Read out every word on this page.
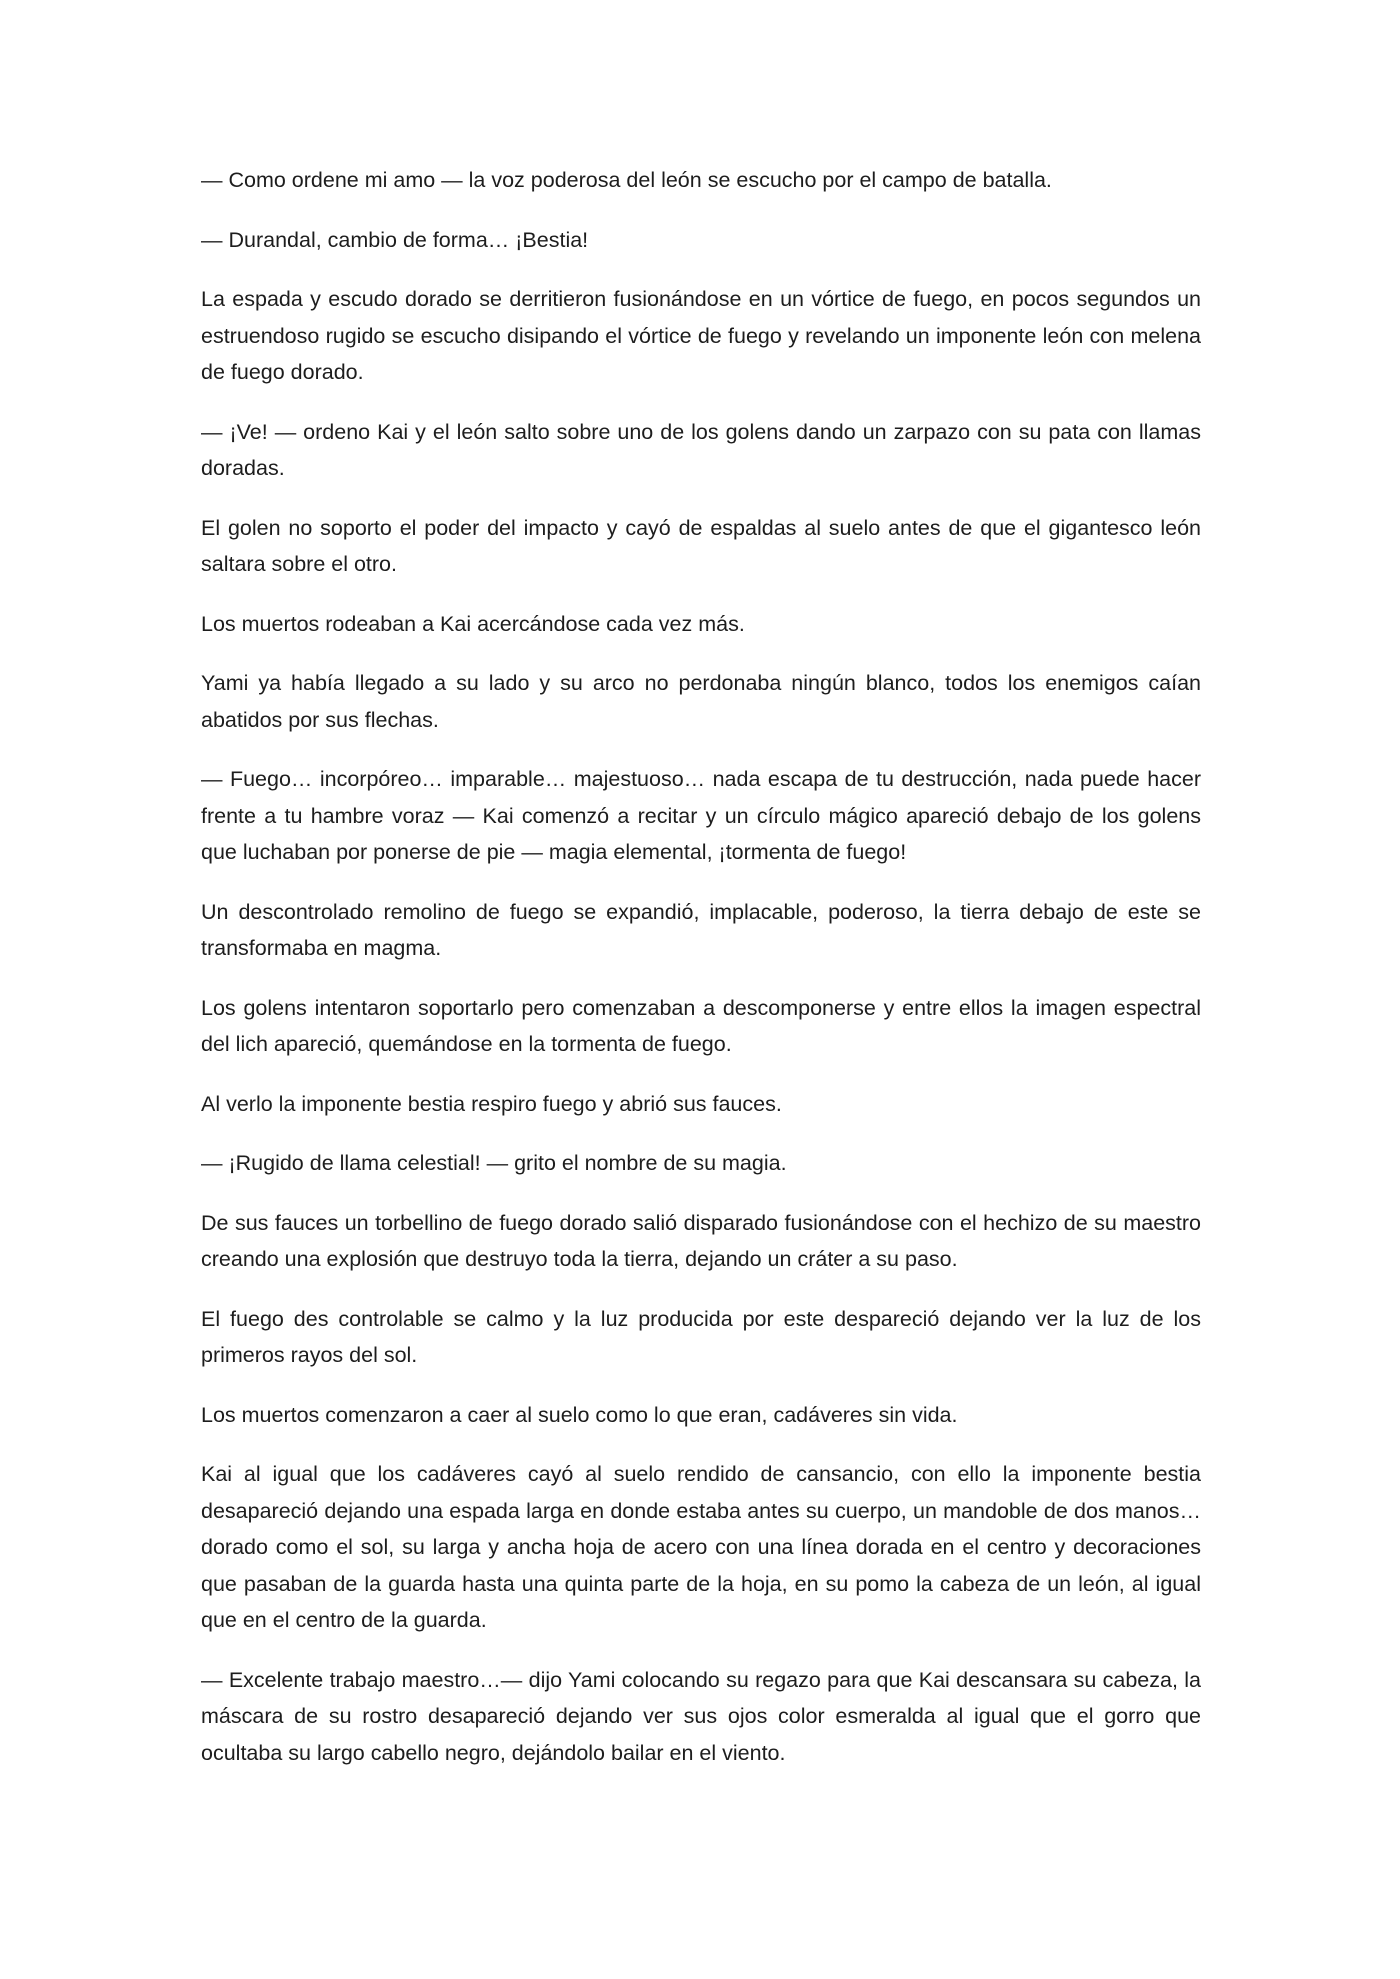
— Como ordene mi amo — la voz poderosa del león se escucho por el campo de batalla.

— Durandal, cambio de forma… ¡Bestia!

La espada y escudo dorado se derritieron fusionándose en un vórtice de fuego, en pocos segundos un estruendoso rugido se escucho disipando el vórtice de fuego y revelando un imponente león con melena de fuego dorado.

— ¡Ve! — ordeno Kai y el león salto sobre uno de los golens dando un zarpazo con su pata con llamas doradas.

El golen no soporto el poder del impacto y cayó de espaldas al suelo antes de que el gigantesco león saltara sobre el otro.

Los muertos rodeaban a Kai acercándose cada vez más.

Yami ya había llegado a su lado y su arco no perdonaba ningún blanco, todos los enemigos caían abatidos por sus flechas.

— Fuego… incorpóreo… imparable… majestuoso… nada escapa de tu destrucción, nada puede hacer frente a tu hambre voraz — Kai comenzó a recitar y un círculo mágico apareció debajo de los golens que luchaban por ponerse de pie — magia elemental, ¡tormenta de fuego!

Un descontrolado remolino de fuego se expandió, implacable, poderoso, la tierra debajo de este se transformaba en magma.

Los golens intentaron soportarlo pero comenzaban a descomponerse y entre ellos la imagen espectral del lich apareció, quemándose en la tormenta de fuego.

Al verlo la imponente bestia respiro fuego y abrió sus fauces.

— ¡Rugido de llama celestial! — grito el nombre de su magia.

De sus fauces un torbellino de fuego dorado salió disparado fusionándose con el hechizo de su maestro creando una explosión que destruyo toda la tierra, dejando un cráter a su paso.

El fuego des controlable se calmo y la luz producida por este despareció dejando ver la luz de los primeros rayos del sol.

Los muertos comenzaron a caer al suelo como lo que eran, cadáveres sin vida.

Kai al igual que los cadáveres cayó al suelo rendido de cansancio, con ello la imponente bestia desapareció dejando una espada larga en donde estaba antes su cuerpo, un mandoble de dos manos… dorado como el sol, su larga y ancha hoja de acero con una línea dorada en el centro y decoraciones que pasaban de la guarda hasta una quinta parte de la hoja, en su pomo la cabeza de un león, al igual que en el centro de la guarda.

— Excelente trabajo maestro…— dijo Yami colocando su regazo para que Kai descansara su cabeza, la máscara de su rostro desapareció dejando ver sus ojos color esmeralda al igual que el gorro que ocultaba su largo cabello negro, dejándolo bailar en el viento.
